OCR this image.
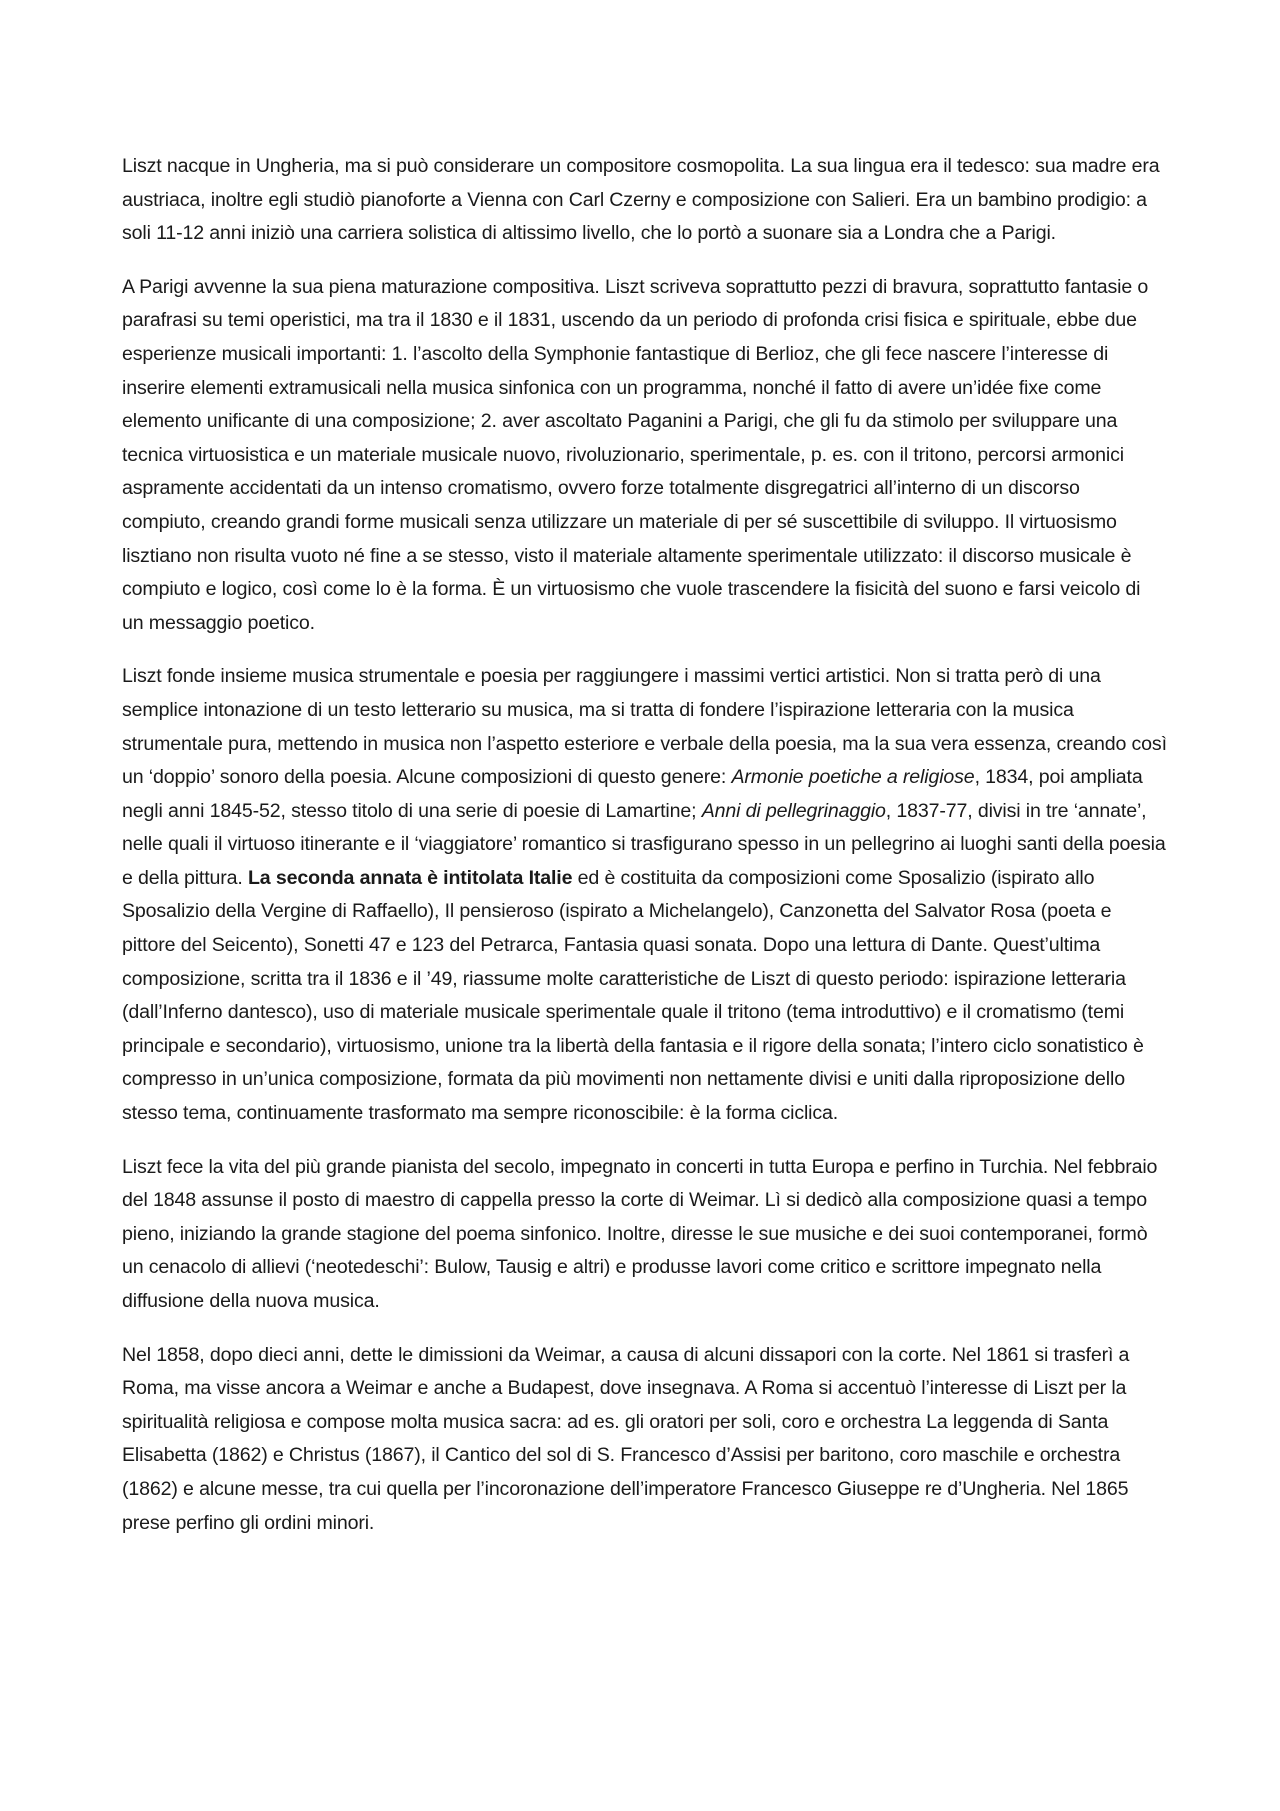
Liszt nacque in Ungheria, ma si può considerare un compositore cosmopolita. La sua lingua era il tedesco: sua madre era austriaca, inoltre egli studiò pianoforte a Vienna con Carl Czerny e composizione con Salieri. Era un bambino prodigio: a soli 11-12 anni iniziò una carriera solistica di altissimo livello, che lo portò a suonare sia a Londra che a Parigi.

A Parigi avvenne la sua piena maturazione compositiva. Liszt scriveva soprattutto pezzi di bravura, soprattutto fantasie o parafrasi su temi operistici, ma tra il 1830 e il 1831, uscendo da un periodo di profonda crisi fisica e spirituale, ebbe due esperienze musicali importanti: 1. l’ascolto della Symphonie fantastique di Berlioz, che gli fece nascere l’interesse di inserire elementi extramusicali nella musica sinfonica con un programma, nonché il fatto di avere un’idée fixe come elemento unificante di una composizione; 2. aver ascoltato Paganini a Parigi, che gli fu da stimolo per sviluppare una tecnica virtuosistica e un materiale musicale nuovo, rivoluzionario, sperimentale, p. es. con il tritono, percorsi armonici aspramente accidentati da un intenso cromatismo, ovvero forze totalmente disgregatrici all’interno di un discorso compiuto, creando grandi forme musicali senza utilizzare un materiale di per sé suscettibile di sviluppo. Il virtuosismo lisztiano non risulta vuoto né fine a se stesso, visto il materiale altamente sperimentale utilizzato: il discorso musicale è compiuto e logico, così come lo è la forma. È un virtuosismo che vuole trascendere la fisicità del suono e farsi veicolo di un messaggio poetico.

Liszt fonde insieme musica strumentale e poesia per raggiungere i massimi vertici artistici. Non si tratta però di una semplice intonazione di un testo letterario su musica, ma si tratta di fondere l’ispirazione letteraria con la musica strumentale pura, mettendo in musica non l’aspetto esteriore e verbale della poesia, ma la sua vera essenza, creando così un ‘doppio’ sonoro della poesia. Alcune composizioni di questo genere: Armonie poetiche a religiose, 1834, poi ampliata negli anni 1845-52, stesso titolo di una serie di poesie di Lamartine; Anni di pellegrinaggio, 1837-77, divisi in tre ‘annate’, nelle quali il virtuoso itinerante e il ‘viaggiatore’ romantico si trasfigurano spesso in un pellegrino ai luoghi santi della poesia e della pittura. La seconda annata è intitolata Italie ed è costituita da composizioni come Sposalizio (ispirato allo Sposalizio della Vergine di Raffaello), Il pensieroso (ispirato a Michelangelo), Canzonetta del Salvator Rosa (poeta e pittore del Seicento), Sonetti 47 e 123 del Petrarca, Fantasia quasi sonata. Dopo una lettura di Dante. Quest’ultima composizione, scritta tra il 1836 e il ’49, riassume molte caratteristiche de Liszt di questo periodo: ispirazione letteraria (dall’Inferno dantesco), uso di materiale musicale sperimentale quale il tritono (tema introduttivo) e il cromatismo (temi principale e secondario), virtuosismo, unione tra la libertà della fantasia e il rigore della sonata; l’intero ciclo sonatistico è compresso in un’unica composizione, formata da più movimenti non nettamente divisi e uniti dalla riproposizione dello stesso tema, continuamente trasformato ma sempre riconoscibile: è la forma ciclica.

Liszt fece la vita del più grande pianista del secolo, impegnato in concerti in tutta Europa e perfino in Turchia. Nel febbraio del 1848 assunse il posto di maestro di cappella presso la corte di Weimar. Lì si dedicò alla composizione quasi a tempo pieno, iniziando la grande stagione del poema sinfonico. Inoltre, diresse le sue musiche e dei suoi contemporanei, formò un cenacolo di allievi (‘neotedeschi’: Bulow, Tausig e altri) e produsse lavori come critico e scrittore impegnato nella diffusione della nuova musica.

Nel 1858, dopo dieci anni, dette le dimissioni da Weimar, a causa di alcuni dissapori con la corte. Nel 1861 si trasferì a Roma, ma visse ancora a Weimar e anche a Budapest, dove insegnava. A Roma si accentuò l’interesse di Liszt per la spiritualità religiosa e compose molta musica sacra: ad es. gli oratori per soli, coro e orchestra La leggenda di Santa Elisabetta (1862) e Christus (1867), il Cantico del sol di S. Francesco d’Assisi per baritono, coro maschile e orchestra (1862) e alcune messe, tra cui quella per l’incoronazione dell’imperatore Francesco Giuseppe re d’Ungheria. Nel 1865 prese perfino gli ordini minori.
